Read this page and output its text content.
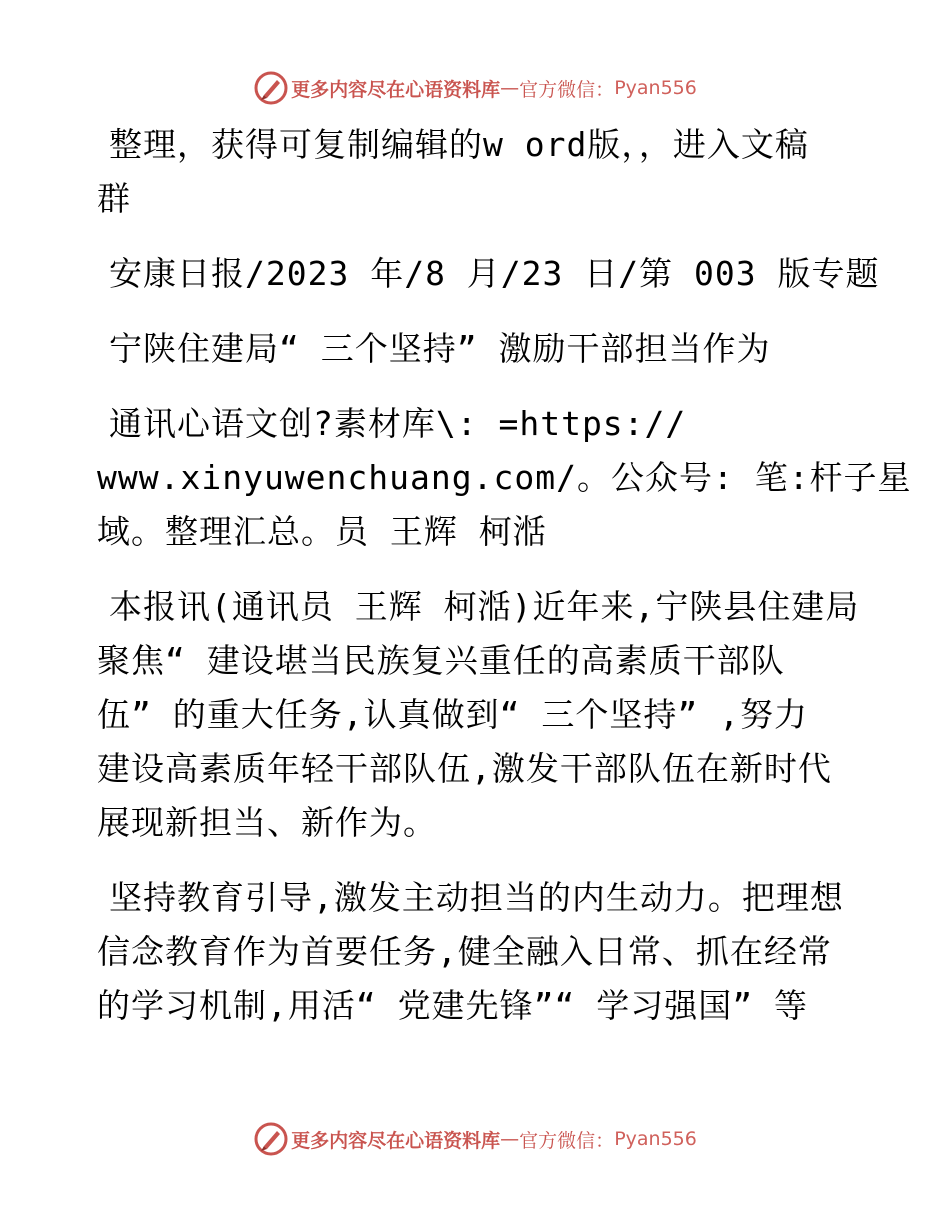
更多内容尽在心语资料库 — 官方微信： Pyan556
整理，获得可复制编辑的w ord版，，进入文稿
群
安康日报/2023 年/8 月/23 日/第 003 版专题
宁陕住建局“ 三个坚持” 激励干部担当作为
通讯心语文创?素材库\: =https://
www.xinyuwenchuang.com/。公众号: 笔:杆子星
域。整理汇总。员 王辉 柯湉
本报讯(通讯员 王辉 柯湉)近年来,宁陕县住建局
聚焦“ 建设堪当民族复兴重任的高素质干部队
伍” 的重大任务,认真做到“ 三个坚持” ,努力
建设高素质年轻干部队伍,激发干部队伍在新时代
展现新担当、新作为。
坚持教育引导,激发主动担当的内生动力。把理想
信念教育作为首要任务,健全融入日常、抓在经常
的学习机制,用活“ 党建先锋”“ 学习强国” 等
更多内容尽在心语资料库 — 官方微信： Pyan556
